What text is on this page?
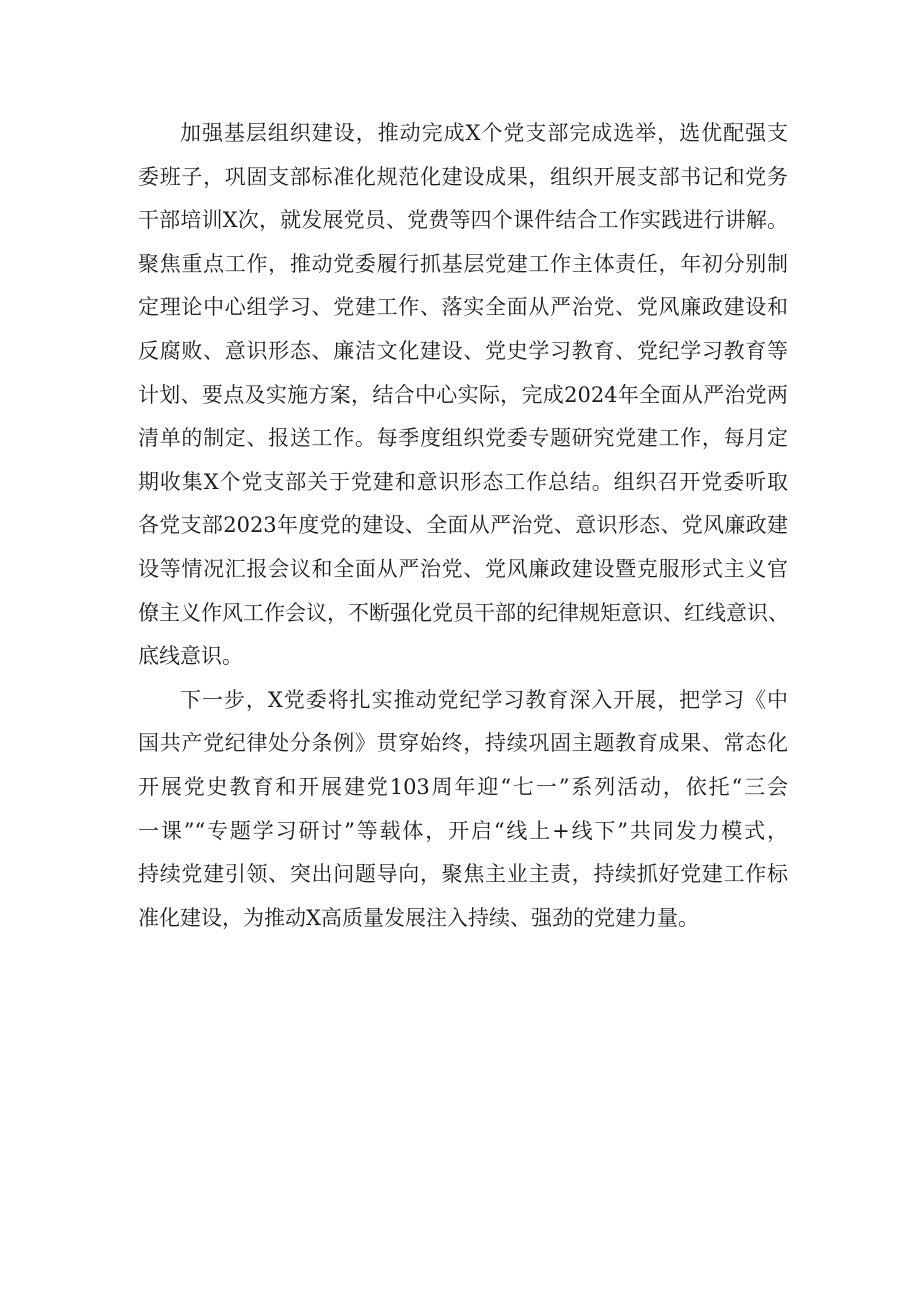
加强基层组织建设，推动完成X个党支部完成选举，选优配强支
委班子，巩固支部标准化规范化建设成果，组织开展支部书记和党务
干部培训X次，就发展党员、党费等四个课件结合工作实践进行讲解。
聚焦重点工作，推动党委履行抓基层党建工作主体责任，年初分别制
定理论中心组学习、党建工作、落实全面从严治党、党风廉政建设和
反腐败、意识形态、廉洁文化建设、党史学习教育、党纪学习教育等
计划、要点及实施方案，结合中心实际，完成2024年全面从严治党两
清单的制定、报送工作。每季度组织党委专题研究党建工作，每月定
期收集X个党支部关于党建和意识形态工作总结。组织召开党委听取
各党支部2023年度党的建设、全面从严治党、意识形态、党风廉政建
设等情况汇报会议和全面从严治党、党风廉政建设暨克服形式主义官
僚主义作风工作会议，不断强化党员干部的纪律规矩意识、红线意识、
底线意识。
下一步，X党委将扎实推动党纪学习教育深入开展，把学习《中
国共产党纪律处分条例》贯穿始终，持续巩固主题教育成果、常态化
开展党史教育和开展建党103周年迎“七一”系列活动，依托“三会
一课”“专题学习研讨”等载体，开启“线上+线下”共同发力模式，
持续党建引领、突出问题导向，聚焦主业主责，持续抓好党建工作标
准化建设，为推动X高质量发展注入持续、强劲的党建力量。
